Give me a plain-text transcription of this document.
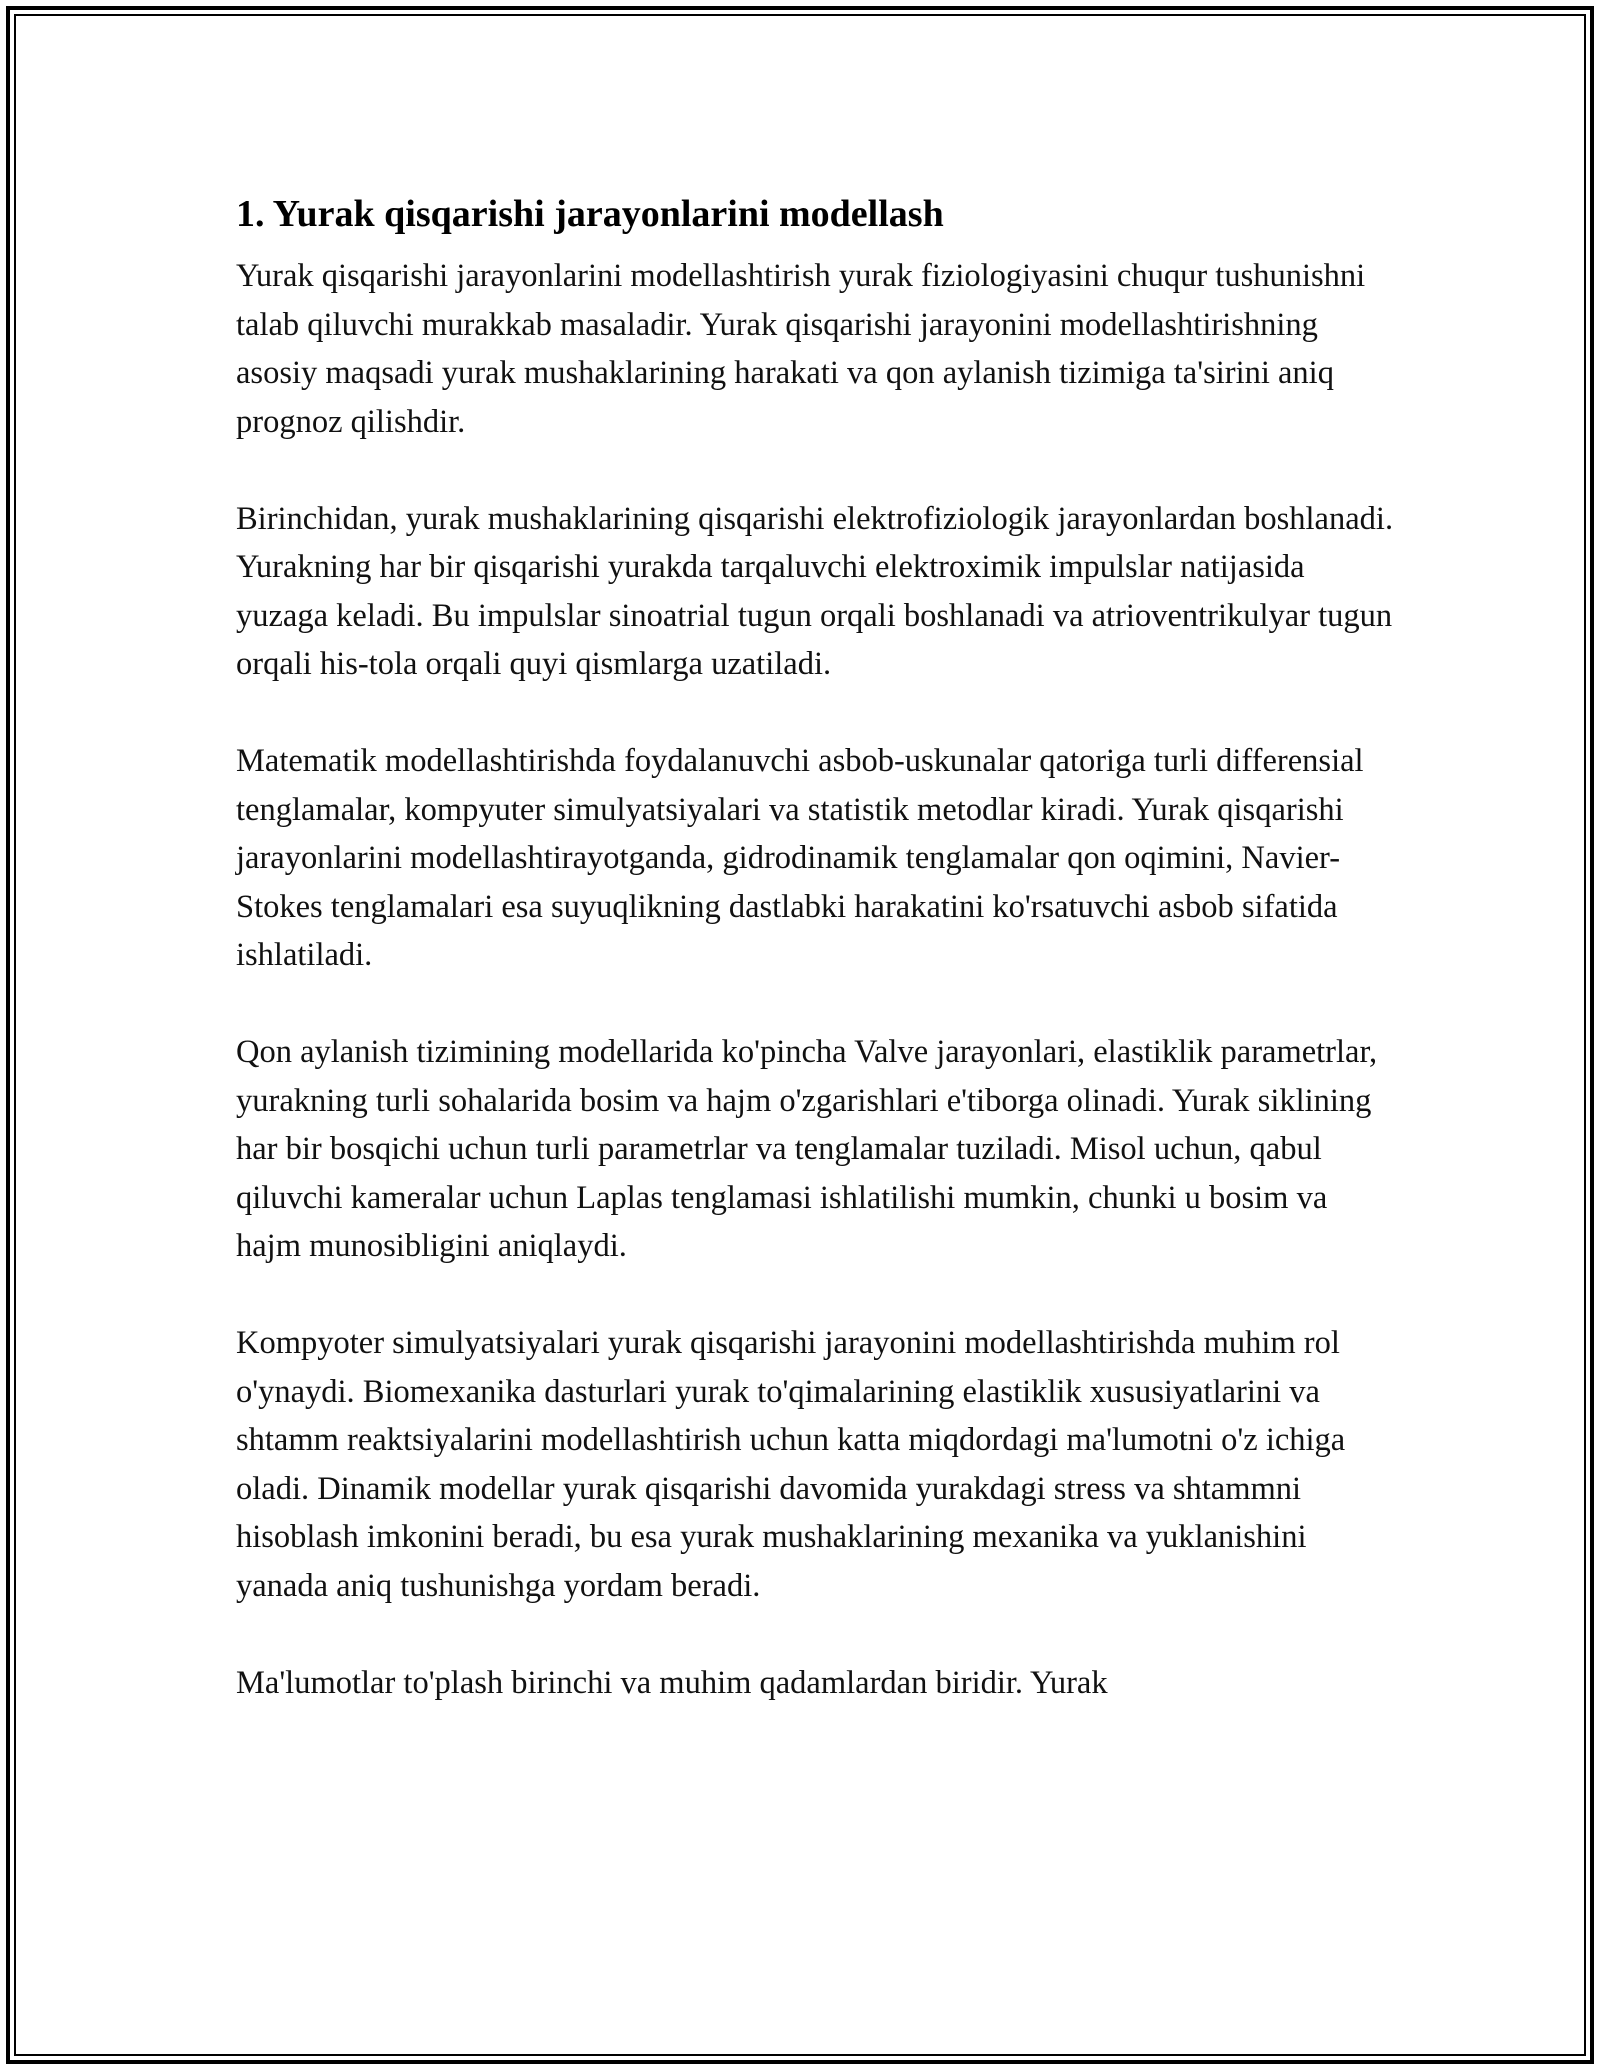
1. Yurak qisqarishi jarayonlarini modellash

Yurak qisqarishi jarayonlarini modellashtirish yurak fiziologiyasini chuqur tushunishni talab qiluvchi murakkab masaladir. Yurak qisqarishi jarayonini modellashtirishning asosiy maqsadi yurak mushaklarining harakati va qon aylanish tizimiga ta'sirini aniq prognoz qilishdir.

Birinchidan, yurak mushaklarining qisqarishi elektrofiziologik jarayonlardan boshlanadi. Yurakning har bir qisqarishi yurakda tarqaluvchi elektroximik impulslar natijasida yuzaga keladi. Bu impulslar sinoatrial tugun orqali boshlanadi va atrioventrikulyar tugun orqali his-tola orqali quyi qismlarga uzatiladi.

Matematik modellashtirishda foydalanuvchi asbob-uskunalar qatoriga turli differensial tenglamalar, kompyuter simulyatsiyalari va statistik metodlar kiradi. Yurak qisqarishi jarayonlarini modellashtirayotganda, gidrodinamik tenglamalar qon oqimini, Navier-Stokes tenglamalari esa suyuqlikning dastlabki harakatini ko'rsatuvchi asbob sifatida ishlatiladi.

Qon aylanish tizimining modellarida ko'pincha Valve jarayonlari, elastiklik parametrlar, yurakning turli sohalarida bosim va hajm o'zgarishlari e'tiborga olinadi. Yurak siklining har bir bosqichi uchun turli parametrlar va tenglamalar tuziladi. Misol uchun, qabul qiluvchi kameralar uchun Laplas tenglamasi ishlatilishi mumkin, chunki u bosim va hajm munosibligini aniqlaydi.

Kompyoter simulyatsiyalari yurak qisqarishi jarayonini modellashtirishda muhim rol o'ynaydi. Biomexanika dasturlari yurak to'qimalarining elastiklik xususiyatlarini va shtamm reaktsiyalarini modellashtirish uchun katta miqdordagi ma'lumotni o'z ichiga oladi. Dinamik modellar yurak qisqarishi davomida yurakdagi stress va shtammni hisoblash imkonini beradi, bu esa yurak mushaklarining mexanika va yuklanishini yanada aniq tushunishga yordam beradi.

Ma'lumotlar to'plash birinchi va muhim qadamlardan biridir. Yurak
